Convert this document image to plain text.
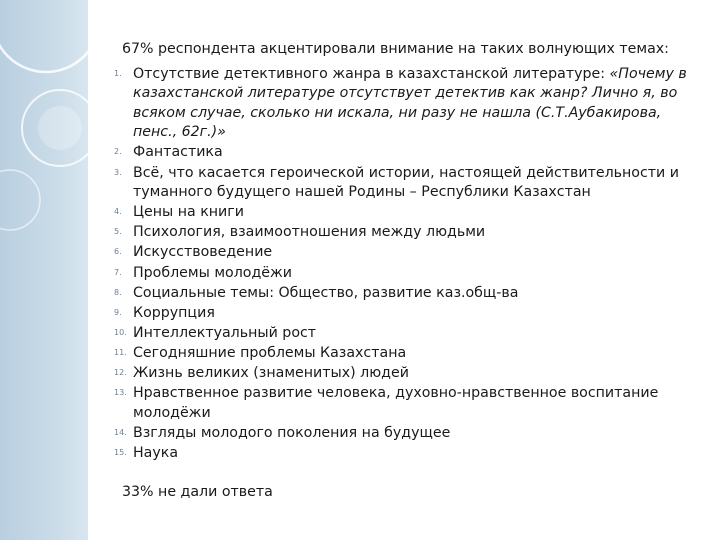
67% респондента акцентировали внимание на таких волнующих темах:
1. Отсутствие детективного жанра в казахстанской литературе: «Почему в казахстанской литературе отсутствует детектив как жанр? Лично я, во всяком случае, сколько ни искала, ни разу не нашла (С.Т.Аубакирова, пенс., 62г.)»
2. Фантастика
3. Всё, что касается героической истории, настоящей действительности и туманного будущего нашей Родины – Республики Казахстан
4. Цены на книги
5. Психология, взаимоотношения между людьми
6. Искусствоведение
7. Проблемы молодёжи
8. Социальные темы: Общество, развитие каз.общ-ва
9. Коррупция
10. Интеллектуальный рост
11. Сегодняшние проблемы Казахстана
12. Жизнь великих (знаменитых) людей
13. Нравственное развитие человека, духовно-нравственное воспитание молодёжи
14. Взгляды молодого поколения на будущее
15. Наука
33% не дали ответа
